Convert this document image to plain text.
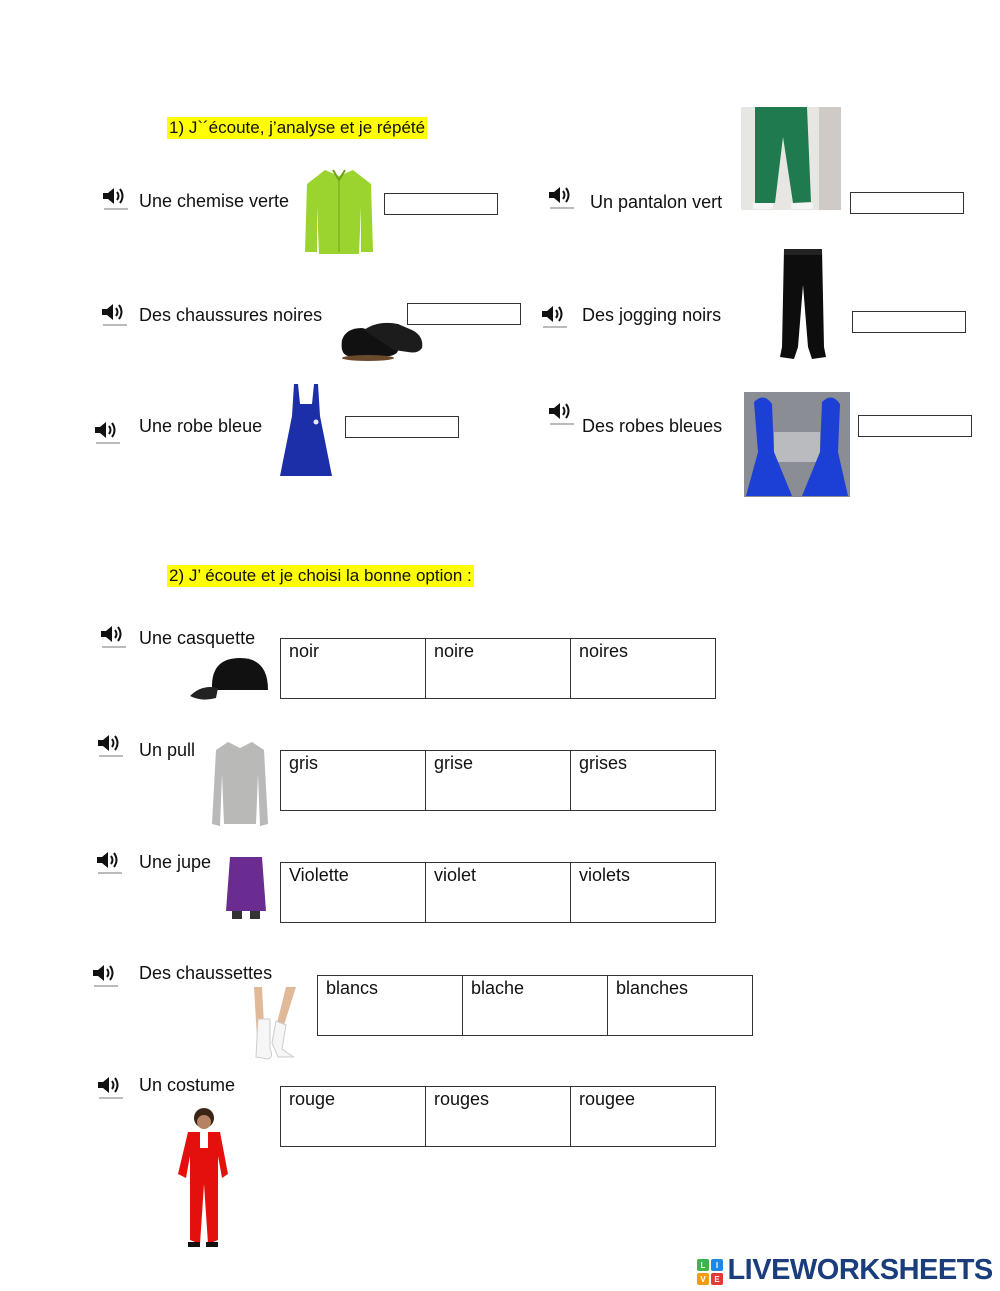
1) J`´écoute, j’analyse et je répété
Une chemise verte	Un pantalon vert
Des chaussures noires	Des jogging noirs
Une robe bleue	Des robes bleues
2) J’ écoute et je choisi la bonne option :
Une casquette
noir	noire	noires
Un pull
gris	grise	grises
Une jupe
Violette	violet	violets
Des chaussettes
blancs	blache	blanches
Un costume
rouge	rouges	rougee
L I
V E LIVEWORKSHEETS
